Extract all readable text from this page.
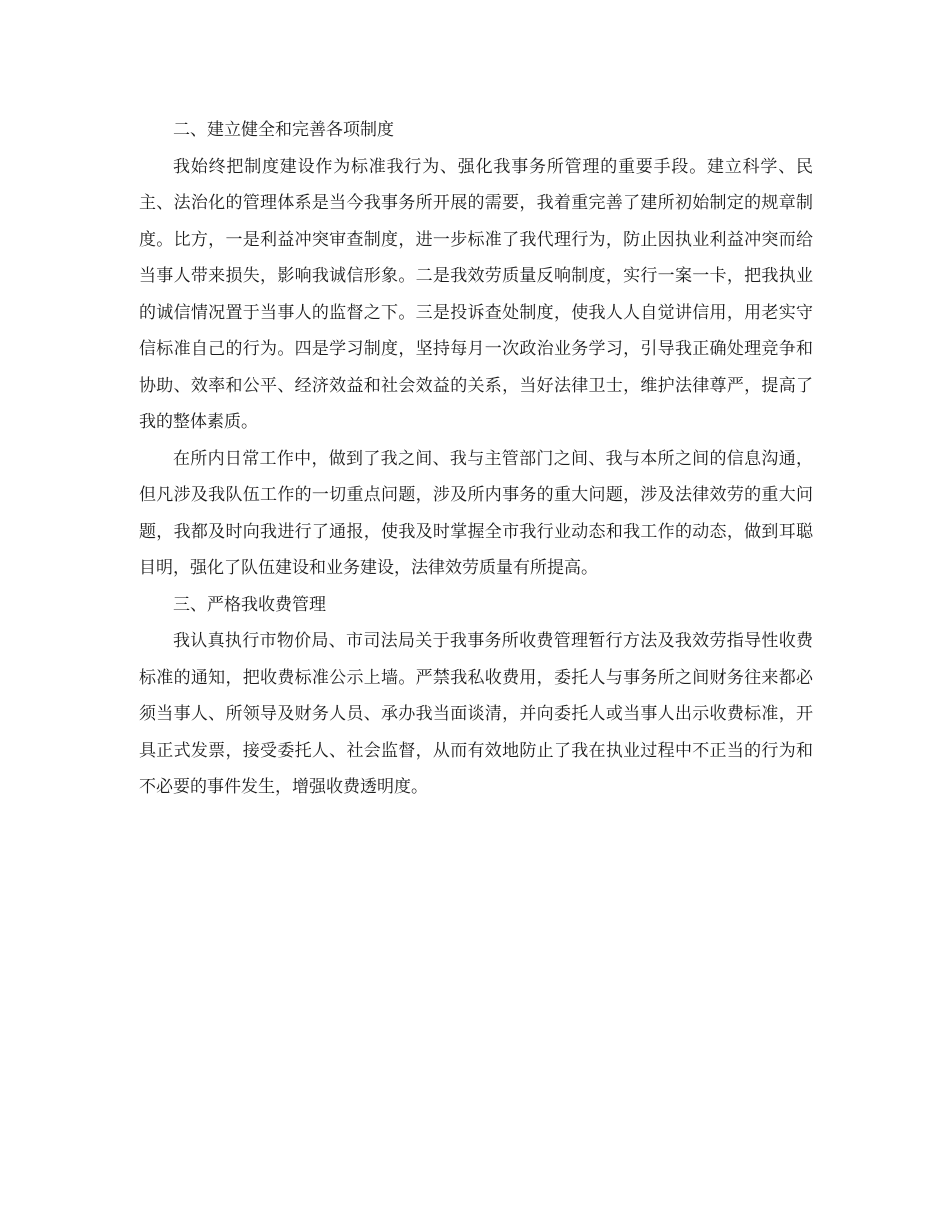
二、建立健全和完善各项制度

我始终把制度建设作为标准我行为、强化我事务所管理的重要手段。建立科学、民主、法治化的管理体系是当今我事务所开展的需要，我着重完善了建所初始制定的规章制度。比方，一是利益冲突审查制度，进一步标准了我代理行为，防止因执业利益冲突而给当事人带来损失，影响我诚信形象。二是我效劳质量反响制度，实行一案一卡，把我执业的诚信情况置于当事人的监督之下。三是投诉查处制度，使我人人自觉讲信用，用老实守信标准自己的行为。四是学习制度，坚持每月一次政治业务学习，引导我正确处理竞争和协助、效率和公平、经济效益和社会效益的关系，当好法律卫士，维护法律尊严，提高了我的整体素质。

在所内日常工作中，做到了我之间、我与主管部门之间、我与本所之间的信息沟通，但凡涉及我队伍工作的一切重点问题，涉及所内事务的重大问题，涉及法律效劳的重大问题，我都及时向我进行了通报，使我及时掌握全市我行业动态和我工作的动态，做到耳聪目明，强化了队伍建设和业务建设，法律效劳质量有所提高。

三、严格我收费管理

我认真执行市物价局、市司法局关于我事务所收费管理暂行方法及我效劳指导性收费标准的通知，把收费标准公示上墙。严禁我私收费用，委托人与事务所之间财务往来都必须当事人、所领导及财务人员、承办我当面谈清，并向委托人或当事人出示收费标准，开具正式发票，接受委托人、社会监督，从而有效地防止了我在执业过程中不正当的行为和不必要的事件发生，增强收费透明度。
